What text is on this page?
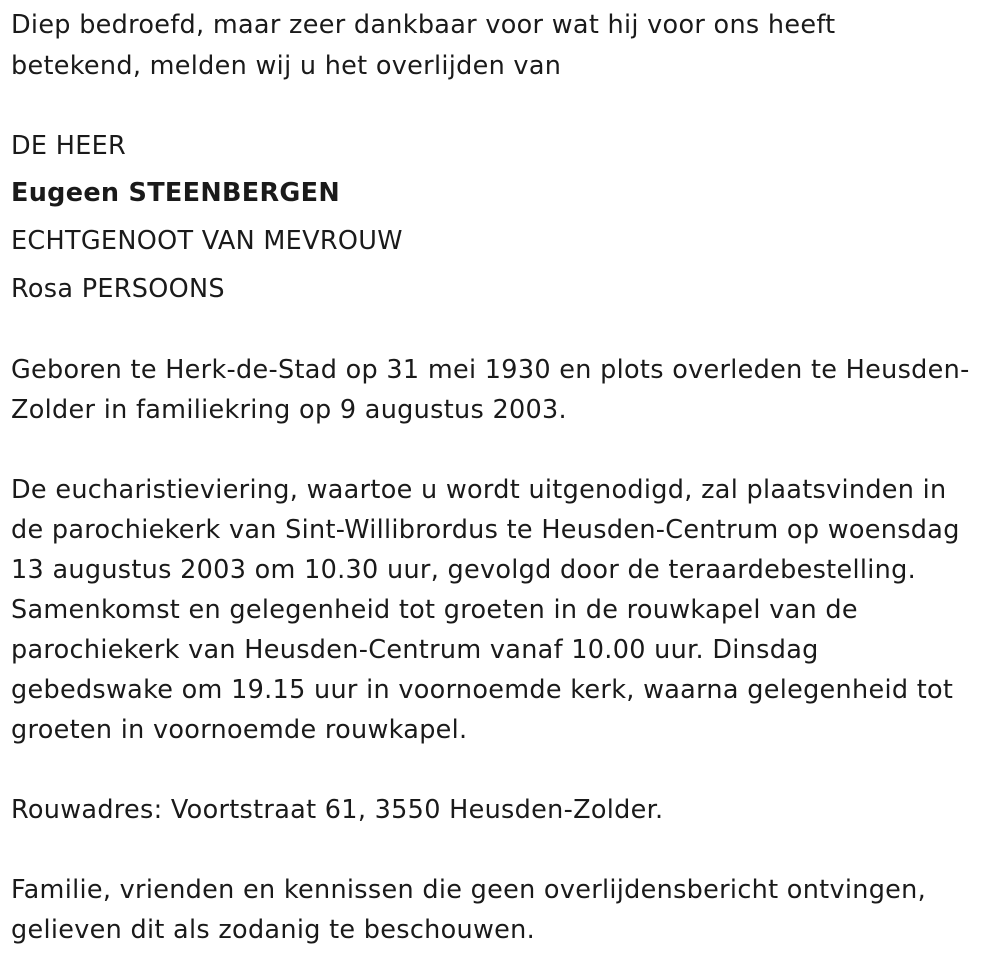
Diep bedroefd, maar zeer dankbaar voor wat hij voor ons heeft
betekend, melden wij u het overlijden van
DE HEER
Eugeen STEENBERGEN
ECHTGENOOT VAN MEVROUW
Rosa PERSOONS
Geboren te Herk-de-Stad op 31 mei 1930 en plots overleden te Heusden-
Zolder in familiekring op 9 augustus 2003.
De eucharistieviering, waartoe u wordt uitgenodigd, zal plaatsvinden in
de parochiekerk van Sint-Willibrordus te Heusden-Centrum op woensdag
13 augustus 2003 om 10.30 uur, gevolgd door de teraardebestelling.
Samenkomst en gelegenheid tot groeten in de rouwkapel van de
parochiekerk van Heusden-Centrum vanaf 10.00 uur. Dinsdag
gebedswake om 19.15 uur in voornoemde kerk, waarna gelegenheid tot
groeten in voornoemde rouwkapel.
Rouwadres: Voortstraat 61, 3550 Heusden-Zolder.
Familie, vrienden en kennissen die geen overlijdensbericht ontvingen,
gelieven dit als zodanig te beschouwen.
